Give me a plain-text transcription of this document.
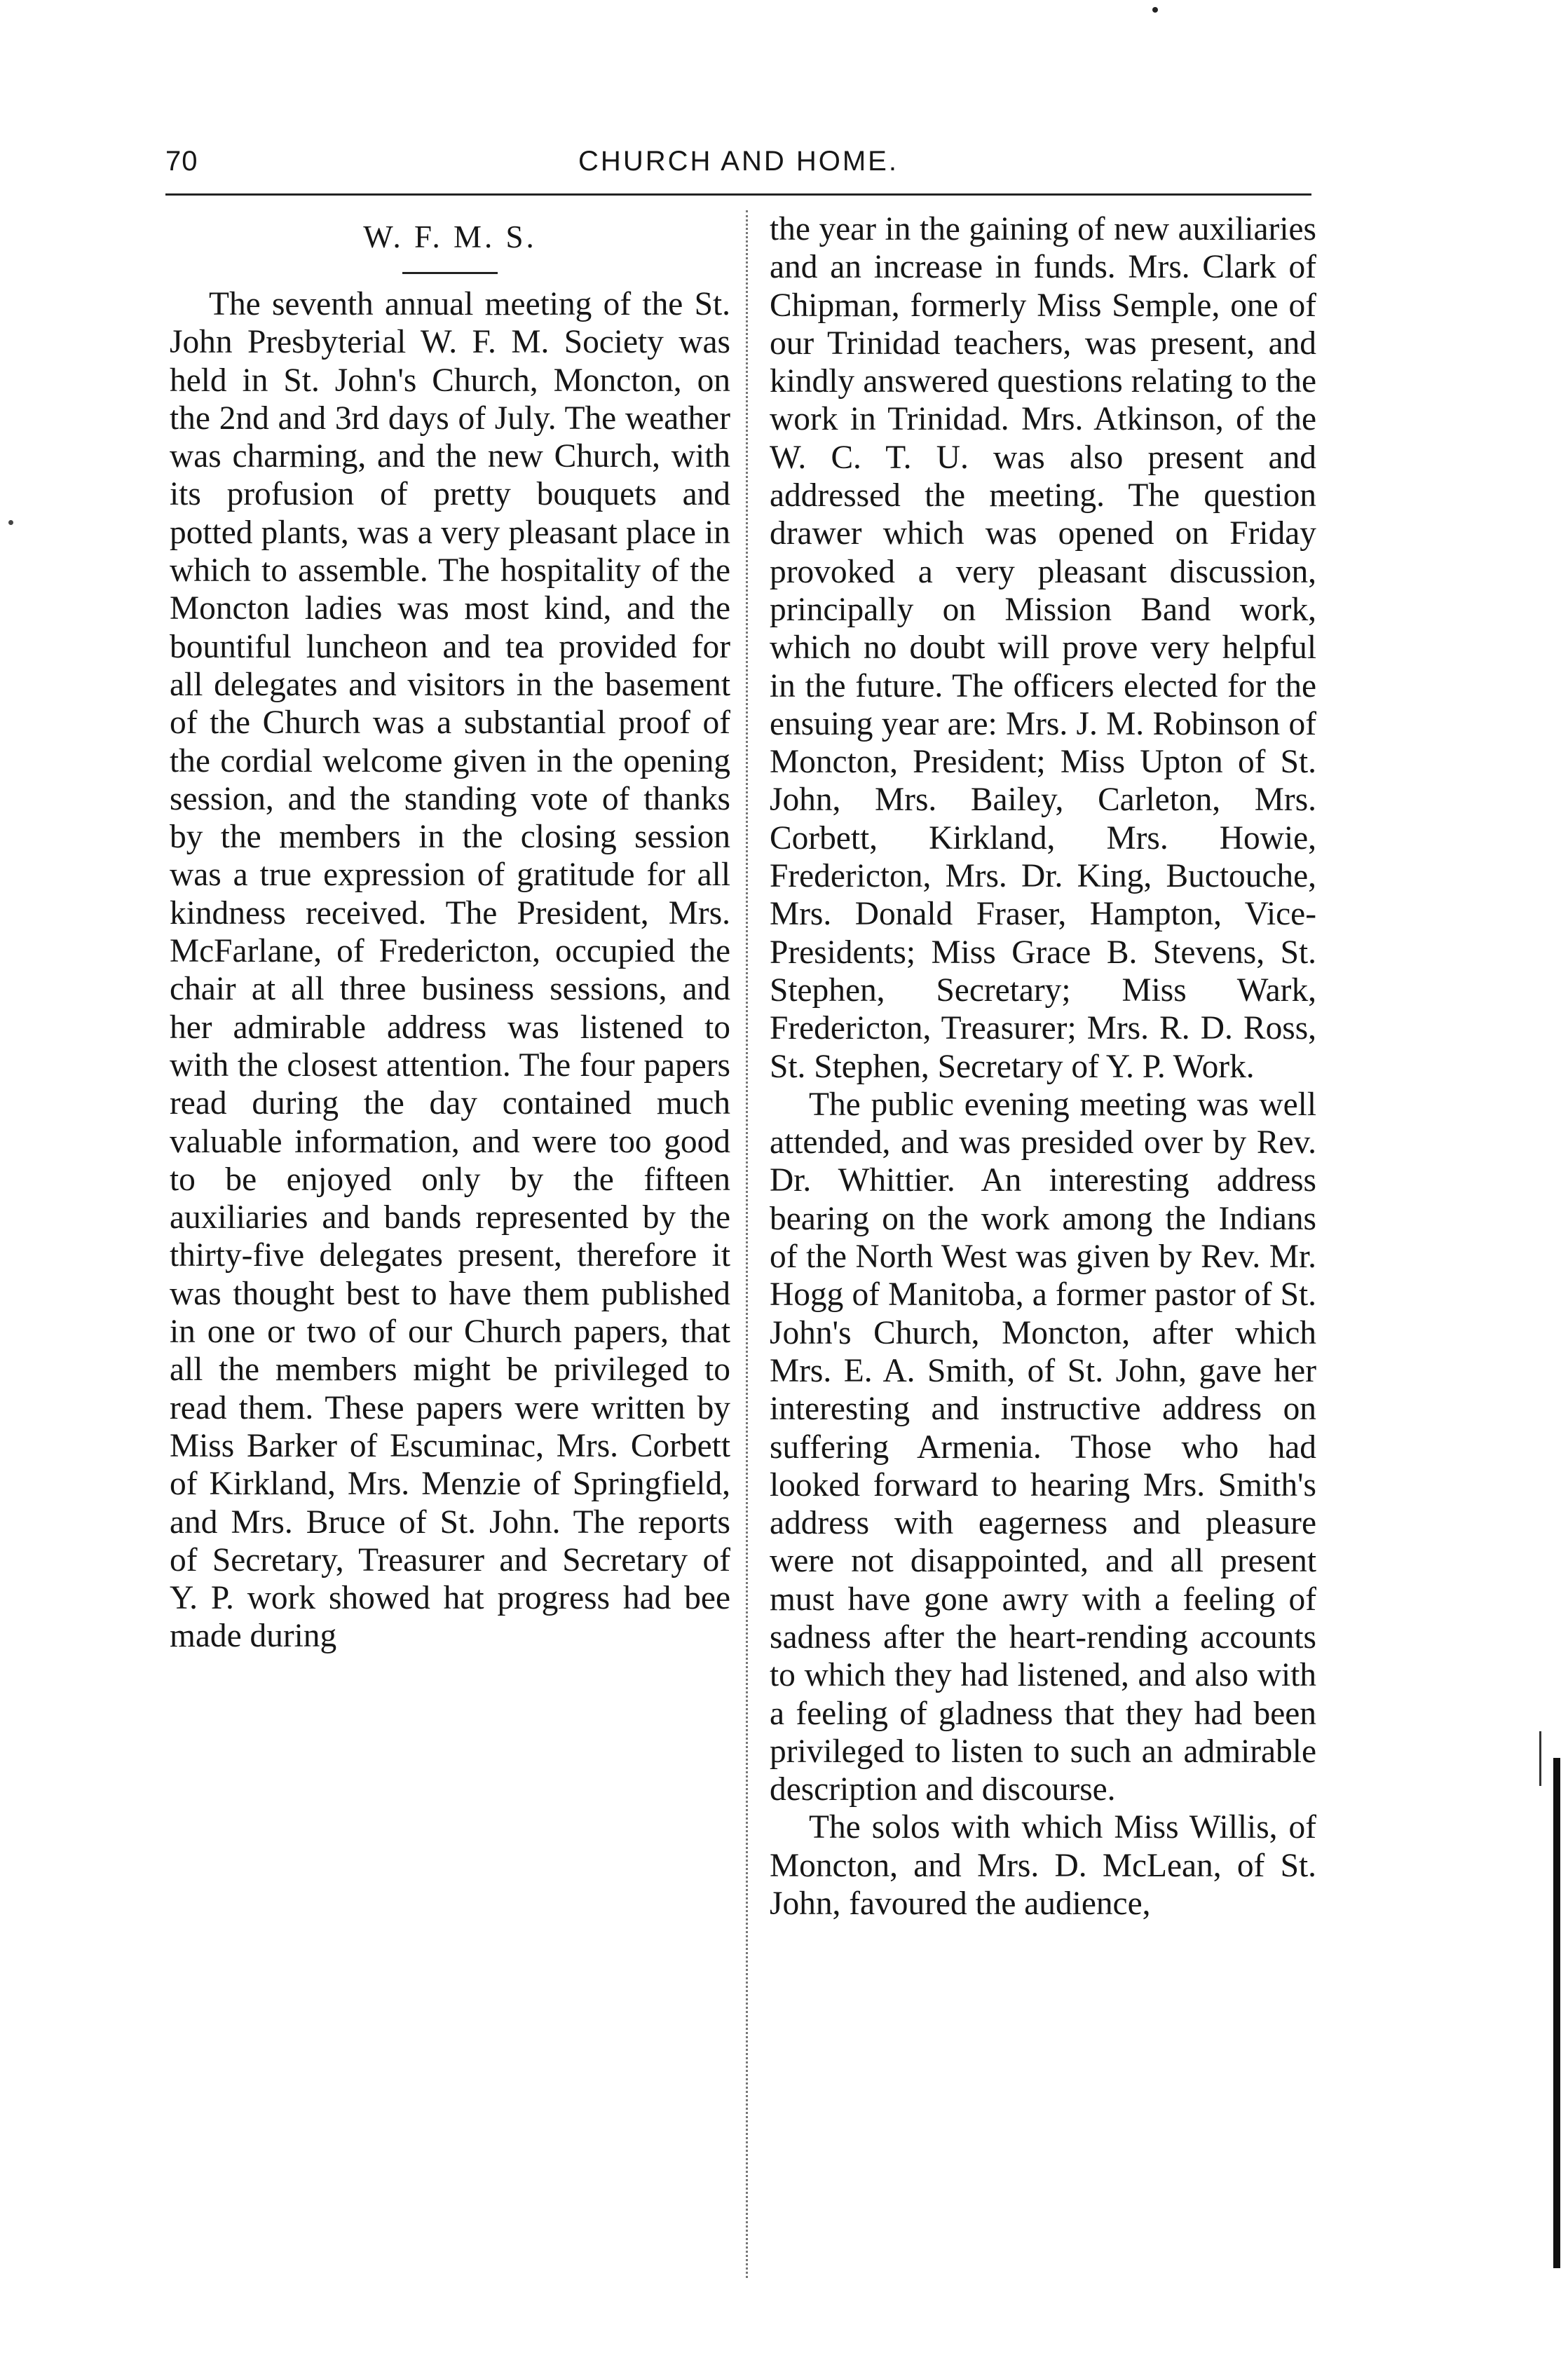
70	CHURCH AND HOME.
W. F. M. S.

The seventh annual meeting of the St. John Presbyterial W. F. M. Society was held in St. John's Church, Moncton, on the 2nd and 3rd days of July. The weather was charming, and the new Church, with its profusion of pretty bouquets and potted plants, was a very pleasant place in which to assemble. The hospitality of the Moncton ladies was most kind, and the bountiful luncheon and tea provided for all delegates and visitors in the basement of the Church was a substantial proof of the cordial welcome given in the opening session, and the standing vote of thanks by the members in the closing session was a true expression of gratitude for all kindness received. The President, Mrs. McFarlane, of Fredericton, occupied the chair at all three business sessions, and her admirable address was listened to with the closest attention. The four papers read during the day contained much valuable information, and were too good to be enjoyed only by the fifteen auxiliaries and bands represented by the thirty-five delegates present, therefore it was thought best to have them published in one or two of our Church papers, that all the members might be privileged to read them. These papers were written by Miss Barker of Escuminac, Mrs. Corbett of Kirkland, Mrs. Menzie of Springfield, and Mrs. Bruce of St. John. The reports of Secretary, Treasurer and Secretary of Y. P. work showed hat progress had bee made during

the year in the gaining of new auxiliaries and an increase in funds. Mrs. Clark of Chipman, formerly Miss Semple, one of our Trinidad teachers, was present, and kindly answered questions relating to the work in Trinidad. Mrs. Atkinson, of the W. C. T. U. was also present and addressed the meeting. The question drawer which was opened on Friday provoked a very pleasant discussion, principally on Mission Band work, which no doubt will prove very helpful in the future. The officers elected for the ensuing year are: Mrs. J. M. Robinson of Moncton, President; Miss Upton of St. John, Mrs. Bailey, Carleton, Mrs. Corbett, Kirkland, Mrs. Howie, Fredericton, Mrs. Dr. King, Buctouche, Mrs. Donald Fraser, Hampton, Vice-Presidents; Miss Grace B. Stevens, St. Stephen, Secretary; Miss Wark, Fredericton, Treasurer; Mrs. R. D. Ross, St. Stephen, Secretary of Y. P. Work.

The public evening meeting was well attended, and was presided over by Rev. Dr. Whittier. An interesting address bearing on the work among the Indians of the North West was given by Rev. Mr. Hogg of Manitoba, a former pastor of St. John's Church, Moncton, after which Mrs. E. A. Smith, of St. John, gave her interesting and instructive address on suffering Armenia. Those who had looked forward to hearing Mrs. Smith's address with eagerness and pleasure were not disappointed, and all present must have gone awry with a feeling of sadness after the heart-rending accounts to which they had listened, and also with a feeling of gladness that they had been privileged to listen to such an admirable description and discourse.

The solos with which Miss Willis, of Moncton, and Mrs. D. McLean, of St. John, favoured the audience,
